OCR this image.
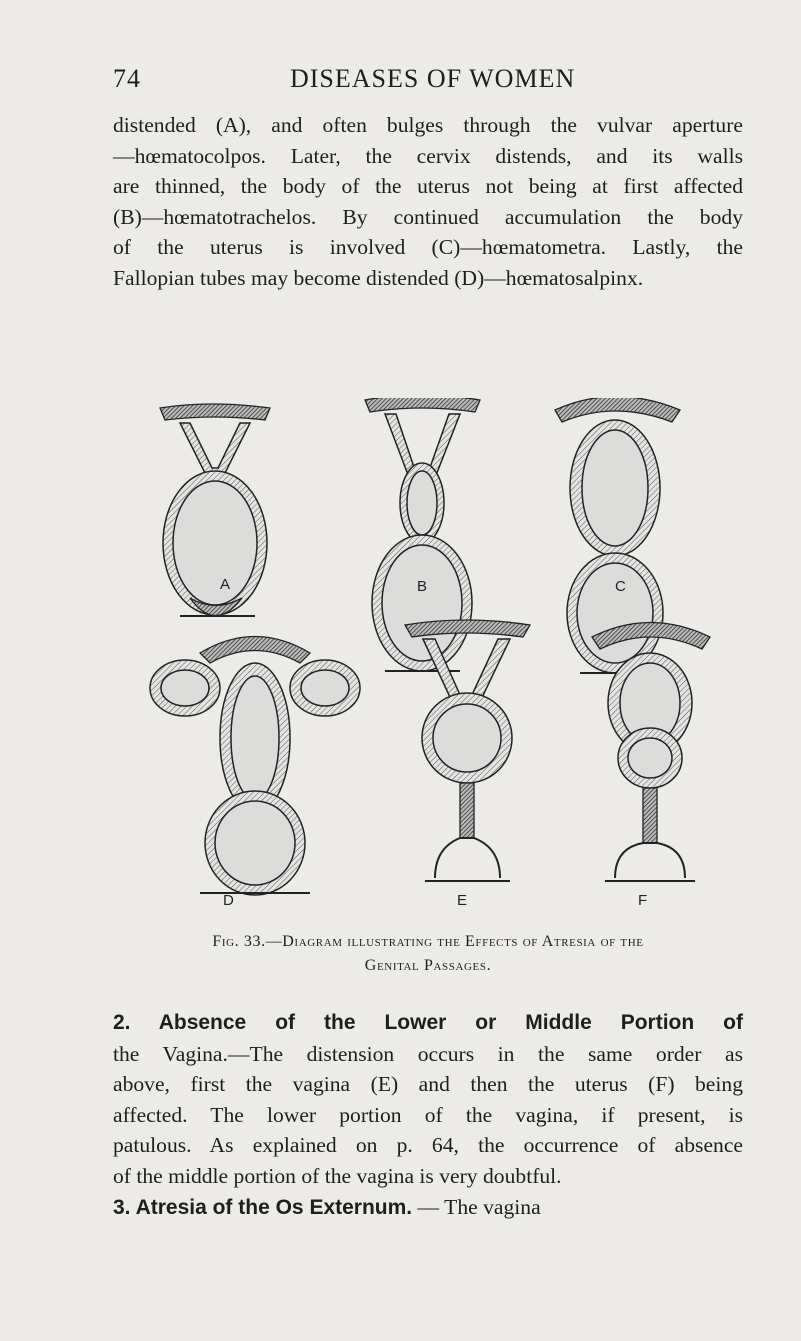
74	DISEASES OF WOMEN
distended (A), and often bulges through the vulvar aperture
—hœmatocolpos. Later, the cervix distends, and its walls
are thinned, the body of the uterus not being at first affected
(B)—hœmatotrachelos. By continued accumulation the body
of the uterus is involved (C)—hœmatometra. Lastly, the
Fallopian tubes may become distended (D)—hœmatosalpinx.
A	B	C
D	E	F
Fig. 33.—Diagram illustrating the Effects of Atresia of the
Genital Passages.
2. Absence of the Lower or Middle Portion of
the Vagina.—The distension occurs in the same order as
above, first the vagina (E) and then the uterus (F) being
affected. The lower portion of the vagina, if present, is
patulous. As explained on p. 64, the occurrence of absence
of the middle portion of the vagina is very doubtful.
3. Atresia of the Os Externum. — The vagina
